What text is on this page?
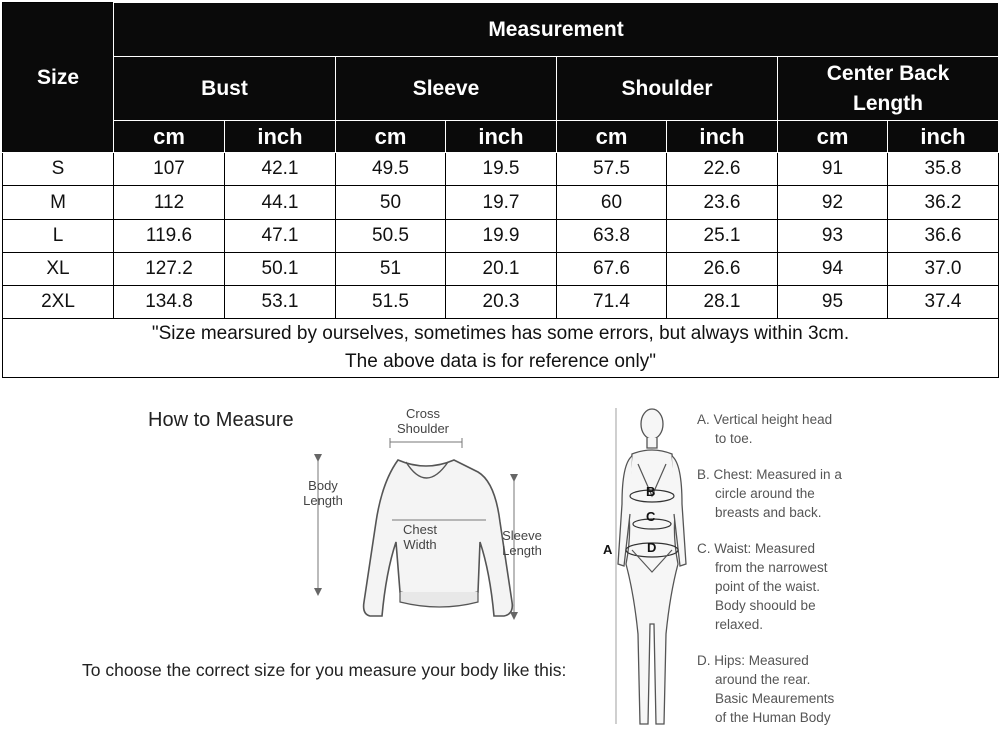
Size	Measurement							
	Bust		Sleeve		Shoulder		Center Back
Length	

	cm	inch	cm	inch	cm	inch	cm	inch
S	107	42.1	49.5	19.5	57.5	22.6	91	35.8
M	112	44.1	50	19.7	60	23.6	92	36.2
L	119.6	47.1	50.5	19.9	63.8	25.1	93	36.6
XL	127.2	50.1	51	20.1	67.6	26.6	94	37.0
2XL	134.8	53.1	51.5	20.3	71.4	28.1	95	37.4

"Size mearsured by ourselves, sometimes has some errors, but always within 3cm.
The above data is for reference only"								
How to Measure	Cross
Shoulder
Body
Length
Chest
Width
Sleeve
Length
To choose the correct size for you measure your body like this:
B
C
D
A
A. Vertical height head
to toe.
B. Chest: Measured in a
circle around the
breasts and back.
C. Waist: Measured
from the narrowest
point of the waist.
Body shoould be
relaxed.
D. Hips: Measured
around the rear.
Basic Meaurements
of the Human Body
